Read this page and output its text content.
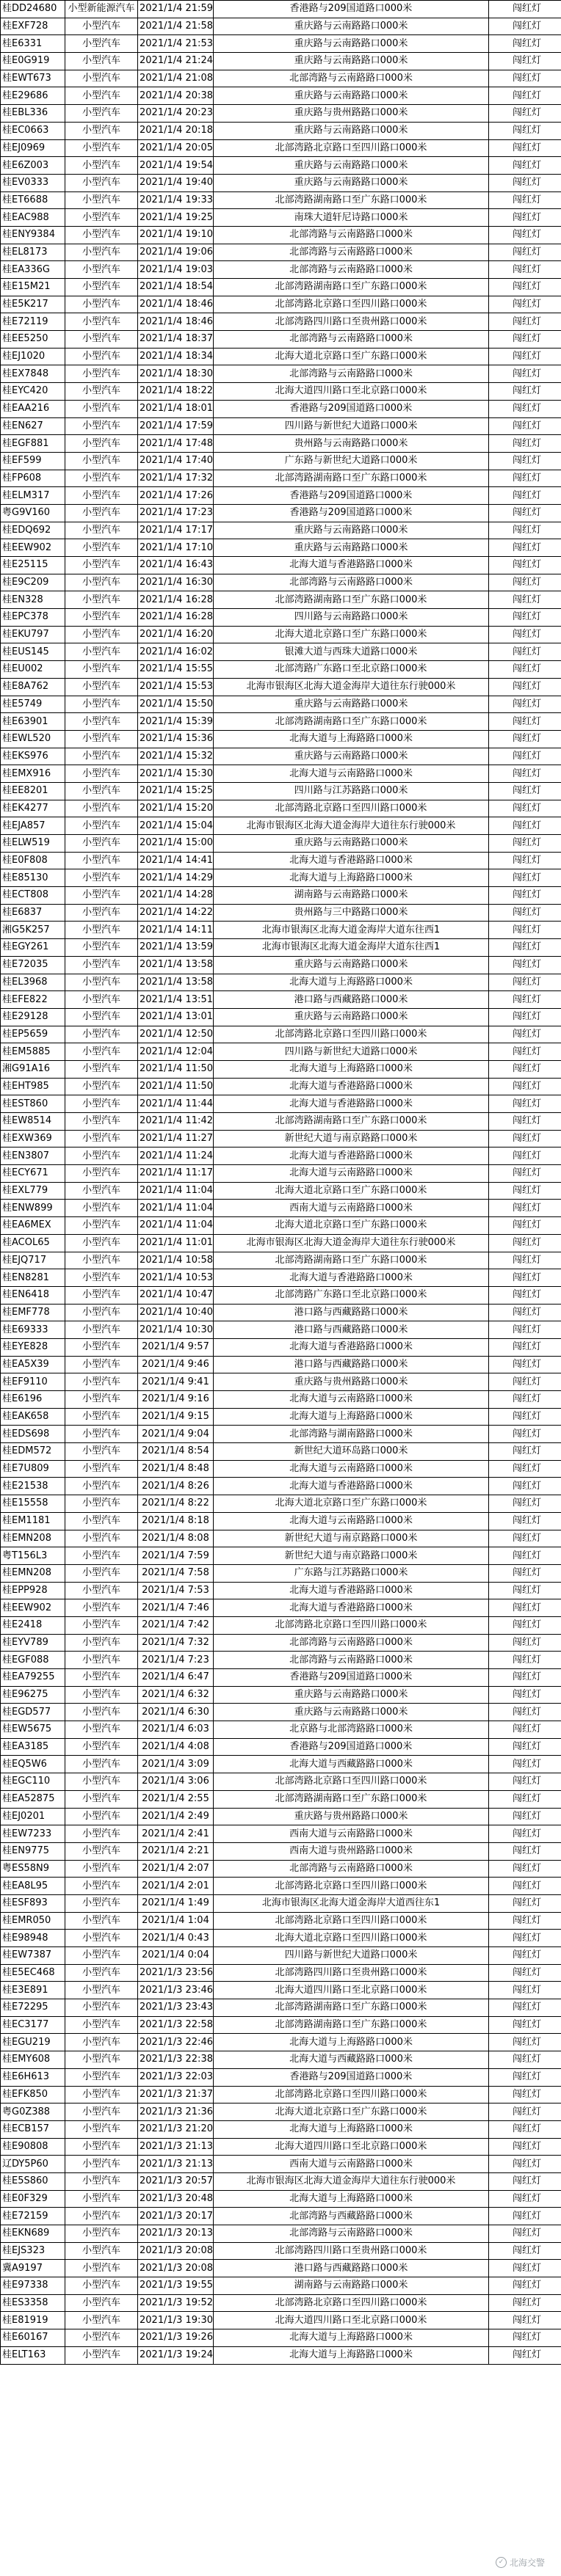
桂DD24680	小型新能源汽车	2021/1/4 21:59	香港路与209国道路口000米	闯红灯
桂EXF728	小型汽车	2021/1/4 21:58	重庆路与云南路路口000米	闯红灯
桂E6331	小型汽车	2021/1/4 21:53	重庆路与云南路路口000米	闯红灯
桂E0G919	小型汽车	2021/1/4 21:24	重庆路与云南路路口000米	闯红灯
桂EWT673	小型汽车	2021/1/4 21:08	北部湾路与云南路路口000米	闯红灯
桂E29686	小型汽车	2021/1/4 20:38	重庆路与云南路路口000米	闯红灯
桂EBL336	小型汽车	2021/1/4 20:23	重庆路与贵州路路口000米	闯红灯
桂EC0663	小型汽车	2021/1/4 20:18	重庆路与云南路路口000米	闯红灯
桂EJ0969	小型汽车	2021/1/4 20:05	北部湾路北京路口至四川路口000米	闯红灯
桂E6Z003	小型汽车	2021/1/4 19:54	重庆路与云南路路口000米	闯红灯
桂EV0333	小型汽车	2021/1/4 19:40	重庆路与云南路路口000米	闯红灯
桂ET6688	小型汽车	2021/1/4 19:33	北部湾路湖南路口至广东路口000米	闯红灯
桂EAC988	小型汽车	2021/1/4 19:25	南珠大道轩尼诗路口000米	闯红灯
桂ENY9384	小型汽车	2021/1/4 19:10	北部湾路与云南路路口000米	闯红灯
桂EL8173	小型汽车	2021/1/4 19:06	北部湾路与云南路路口000米	闯红灯
桂EA336G	小型汽车	2021/1/4 19:03	北部湾路与云南路路口000米	闯红灯
桂E15M21	小型汽车	2021/1/4 18:54	北部湾路湖南路口至广东路口000米	闯红灯
桂E5K217	小型汽车	2021/1/4 18:46	北部湾路北京路口至四川路口000米	闯红灯
桂E72119	小型汽车	2021/1/4 18:46	北部湾路四川路口至贵州路口000米	闯红灯
桂EE5250	小型汽车	2021/1/4 18:37	北部湾路与云南路路口000米	闯红灯
桂EJ1020	小型汽车	2021/1/4 18:34	北海大道北京路口至广东路口000米	闯红灯
桂EX7848	小型汽车	2021/1/4 18:30	北部湾路与云南路路口000米	闯红灯
桂EYC420	小型汽车	2021/1/4 18:22	北海大道四川路口至北京路口000米	闯红灯
桂EAA216	小型汽车	2021/1/4 18:01	香港路与209国道路口000米	闯红灯
桂EN627	小型汽车	2021/1/4 17:59	四川路与新世纪大道路口000米	闯红灯
桂EGF881	小型汽车	2021/1/4 17:48	贵州路与云南路路口000米	闯红灯
桂EF599	小型汽车	2021/1/4 17:40	广东路与新世纪大道路口000米	闯红灯
桂FP608	小型汽车	2021/1/4 17:32	北部湾路湖南路口至广东路口000米	闯红灯
桂ELM317	小型汽车	2021/1/4 17:26	香港路与209国道路口000米	闯红灯
粤G9V160	小型汽车	2021/1/4 17:23	香港路与209国道路口000米	闯红灯
桂EDQ692	小型汽车	2021/1/4 17:17	重庆路与云南路路口000米	闯红灯
桂EEW902	小型汽车	2021/1/4 17:10	重庆路与云南路路口000米	闯红灯
桂E25115	小型汽车	2021/1/4 16:43	北海大道与香港路路口000米	闯红灯
桂E9C209	小型汽车	2021/1/4 16:30	北部湾路与云南路路口000米	闯红灯
桂EN328	小型汽车	2021/1/4 16:28	北部湾路湖南路口至广东路口000米	闯红灯
桂EPC378	小型汽车	2021/1/4 16:28	四川路与云南路路口000米	闯红灯
桂EKU797	小型汽车	2021/1/4 16:20	北海大道北京路口至广东路口000米	闯红灯
桂EUS145	小型汽车	2021/1/4 16:02	银滩大道与西珠大道路口000米	闯红灯
桂EU002	小型汽车	2021/1/4 15:55	北部湾路广东路口至北京路口000米	闯红灯
桂E8A762	小型汽车	2021/1/4 15:53	北海市银海区北海大道金海岸大道往东行驶000米	闯红灯
桂E5749	小型汽车	2021/1/4 15:50	重庆路与云南路路口000米	闯红灯
桂E63901	小型汽车	2021/1/4 15:39	北部湾路湖南路口至广东路口000米	闯红灯
桂EWL520	小型汽车	2021/1/4 15:36	北海大道与上海路路口000米	闯红灯
桂EKS976	小型汽车	2021/1/4 15:32	重庆路与云南路路口000米	闯红灯
桂EMX916	小型汽车	2021/1/4 15:30	北海大道与云南路路口000米	闯红灯
桂EE8201	小型汽车	2021/1/4 15:25	四川路与江苏路路口000米	闯红灯
桂EK4277	小型汽车	2021/1/4 15:20	北部湾路北京路口至四川路口000米	闯红灯
桂EJA857	小型汽车	2021/1/4 15:04	北海市银海区北海大道金海岸大道往东行驶000米	闯红灯
桂ELW519	小型汽车	2021/1/4 15:00	重庆路与云南路路口000米	闯红灯
桂E0F808	小型汽车	2021/1/4 14:41	北海大道与香港路路口000米	闯红灯
桂E85130	小型汽车	2021/1/4 14:29	北海大道与上海路路口000米	闯红灯
桂ECT808	小型汽车	2021/1/4 14:28	湖南路与云南路路口000米	闯红灯
桂E6837	小型汽车	2021/1/4 14:22	贵州路与三中路路口000米	闯红灯
湘G5K257	小型汽车	2021/1/4 14:11	北海市银海区北海大道金海岸大道东往西1	闯红灯
桂EGY261	小型汽车	2021/1/4 13:59	北海市银海区北海大道金海岸大道东往西1	闯红灯
桂E72035	小型汽车	2021/1/4 13:58	重庆路与云南路路口000米	闯红灯
桂EL3968	小型汽车	2021/1/4 13:58	北海大道与上海路路口000米	闯红灯
桂EFE822	小型汽车	2021/1/4 13:51	港口路与西藏路路口000米	闯红灯
桂E29128	小型汽车	2021/1/4 13:01	重庆路与云南路路口000米	闯红灯
桂EP5659	小型汽车	2021/1/4 12:50	北部湾路北京路口至四川路口000米	闯红灯
桂EM5885	小型汽车	2021/1/4 12:04	四川路与新世纪大道路口000米	闯红灯
湘G91A16	小型汽车	2021/1/4 11:50	北海大道与上海路路口000米	闯红灯
桂EHT985	小型汽车	2021/1/4 11:50	北海大道与香港路路口000米	闯红灯
桂EST860	小型汽车	2021/1/4 11:44	北海大道与香港路路口000米	闯红灯
桂EW8514	小型汽车	2021/1/4 11:42	北部湾路湖南路口至广东路口000米	闯红灯
桂EXW369	小型汽车	2021/1/4 11:27	新世纪大道与南京路路口000米	闯红灯
桂EN3807	小型汽车	2021/1/4 11:24	北海大道与香港路路口000米	闯红灯
桂ECY671	小型汽车	2021/1/4 11:17	北海大道与云南路路口000米	闯红灯
桂EXL779	小型汽车	2021/1/4 11:04	北海大道北京路口至广东路口000米	闯红灯
桂ENW899	小型汽车	2021/1/4 11:04	西南大道与云南路路口000米	闯红灯
桂EA6MEX	小型汽车	2021/1/4 11:04	北海大道北京路口至广东路口000米	闯红灯
桂ACOL65	小型汽车	2021/1/4 11:01	北海市银海区北海大道金海岸大道往东行驶000米	闯红灯
桂EJQ717	小型汽车	2021/1/4 10:58	北部湾路湖南路口至广东路口000米	闯红灯
桂EN8281	小型汽车	2021/1/4 10:53	北海大道与香港路路口000米	闯红灯
桂EN6418	小型汽车	2021/1/4 10:47	北部湾路广东路口至北京路口000米	闯红灯
桂EMF778	小型汽车	2021/1/4 10:40	港口路与西藏路路口000米	闯红灯
桂E69333	小型汽车	2021/1/4 10:30	港口路与西藏路路口000米	闯红灯
桂EYE828	小型汽车	2021/1/4 9:57	北海大道与香港路路口000米	闯红灯
桂EA5X39	小型汽车	2021/1/4 9:46	港口路与西藏路路口000米	闯红灯
桂EF9110	小型汽车	2021/1/4 9:41	重庆路与贵州路路口000米	闯红灯
桂E6196	小型汽车	2021/1/4 9:16	北海大道与云南路路口000米	闯红灯
桂EAK658	小型汽车	2021/1/4 9:15	北海大道与上海路路口000米	闯红灯
桂EDS698	小型汽车	2021/1/4 9:04	北部湾路与湖南路路口000米	闯红灯
桂EDM572	小型汽车	2021/1/4 8:54	新世纪大道环岛路口000米	闯红灯
桂E7U809	小型汽车	2021/1/4 8:48	北海大道与云南路路口000米	闯红灯
桂E21538	小型汽车	2021/1/4 8:26	北海大道与香港路路口000米	闯红灯
桂E15558	小型汽车	2021/1/4 8:22	北海大道北京路口至广东路口000米	闯红灯
桂EM1181	小型汽车	2021/1/4 8:18	北海大道与云南路路口000米	闯红灯
桂EMN208	小型汽车	2021/1/4 8:08	新世纪大道与南京路路口000米	闯红灯
粤T156L3	小型汽车	2021/1/4 7:59	新世纪大道与南京路路口000米	闯红灯
桂EMN208	小型汽车	2021/1/4 7:58	广东路与江苏路路口000米	闯红灯
桂EPP928	小型汽车	2021/1/4 7:53	北海大道与香港路路口000米	闯红灯
桂EEW902	小型汽车	2021/1/4 7:46	北海大道与香港路路口000米	闯红灯
桂E2418	小型汽车	2021/1/4 7:42	北部湾路北京路口至四川路口000米	闯红灯
桂EYV789	小型汽车	2021/1/4 7:32	北部湾路与云南路路口000米	闯红灯
桂EGF088	小型汽车	2021/1/4 7:23	北部湾路与云南路路口000米	闯红灯
桂EA79255	小型汽车	2021/1/4 6:47	香港路与209国道路口000米	闯红灯
桂E96275	小型汽车	2021/1/4 6:32	重庆路与云南路路口000米	闯红灯
桂EGD577	小型汽车	2021/1/4 6:30	重庆路与云南路路口000米	闯红灯
桂EW5675	小型汽车	2021/1/4 6:03	北京路与北部湾路路口000米	闯红灯
桂EA3185	小型汽车	2021/1/4 4:08	香港路与209国道路口000米	闯红灯
桂EQ5W6	小型汽车	2021/1/4 3:09	北海大道与西藏路路口000米	闯红灯
桂EGC110	小型汽车	2021/1/4 3:06	北部湾路北京路口至四川路口000米	闯红灯
桂EA52875	小型汽车	2021/1/4 2:55	北部湾路湖南路口至广东路口000米	闯红灯
桂EJ0201	小型汽车	2021/1/4 2:49	重庆路与贵州路路口000米	闯红灯
桂EW7233	小型汽车	2021/1/4 2:41	西南大道与云南路路口000米	闯红灯
桂EN9775	小型汽车	2021/1/4 2:21	西南大道与贵州路路口000米	闯红灯
粤ES58N9	小型汽车	2021/1/4 2:07	北部湾路与云南路路口000米	闯红灯
桂EA8L95	小型汽车	2021/1/4 2:01	北部湾路北京路口至四川路口000米	闯红灯
桂ESF893	小型汽车	2021/1/4 1:49	北海市银海区北海大道金海岸大道西往东1	闯红灯
桂EMR050	小型汽车	2021/1/4 1:04	北部湾路北京路口至四川路口000米	闯红灯
桂E98948	小型汽车	2021/1/4 0:43	北海大道北京路口至四川路口000米	闯红灯
桂EW7387	小型汽车	2021/1/4 0:04	四川路与新世纪大道路口000米	闯红灯
桂E5EC468	小型汽车	2021/1/3 23:56	北部湾路四川路口至贵州路口000米	闯红灯
桂E3E891	小型汽车	2021/1/3 23:46	北海大道四川路口至北京路口000米	闯红灯
桂E72295	小型汽车	2021/1/3 23:43	北部湾路湖南路口至广东路口000米	闯红灯
桂EC3177	小型汽车	2021/1/3 22:58	北部湾路湖南路口至广东路口000米	闯红灯
桂EGU219	小型汽车	2021/1/3 22:46	北海大道与上海路路口000米	闯红灯
桂EMY608	小型汽车	2021/1/3 22:38	北海大道与西藏路路口000米	闯红灯
桂E6H613	小型汽车	2021/1/3 22:03	香港路与209国道路口000米	闯红灯
桂EFK850	小型汽车	2021/1/3 21:37	北部湾路北京路口至四川路口000米	闯红灯
粤G0Z388	小型汽车	2021/1/3 21:36	北海大道北京路口至广东路口000米	闯红灯
桂ECB157	小型汽车	2021/1/3 21:20	北海大道与上海路路口000米	闯红灯
桂E90808	小型汽车	2021/1/3 21:13	北海大道四川路口至北京路口000米	闯红灯
辽DY5P60	小型汽车	2021/1/3 21:13	西南大道与云南路路口000米	闯红灯
桂E5S860	小型汽车	2021/1/3 20:57	北海市银海区北海大道金海岸大道往东行驶000米	闯红灯
桂E0F329	小型汽车	2021/1/3 20:48	北海大道与上海路路口000米	闯红灯
桂E72159	小型汽车	2021/1/3 20:17	北部湾路与西藏路路口000米	闯红灯
桂EKN689	小型汽车	2021/1/3 20:13	北部湾路与云南路路口000米	闯红灯
桂EJS323	小型汽车	2021/1/3 20:08	北部湾路四川路口至贵州路口000米	闯红灯
冀A9197	小型汽车	2021/1/3 20:08	港口路与西藏路路口000米	闯红灯
桂E97338	小型汽车	2021/1/3 19:55	湖南路与云南路路口000米	闯红灯
桂ES3358	小型汽车	2021/1/3 19:52	北部湾路北京路口至四川路口000米	闯红灯
桂E81919	小型汽车	2021/1/3 19:30	北海大道四川路口至北京路口000米	闯红灯
桂E60167	小型汽车	2021/1/3 19:26	北海大道与上海路路口000米	闯红灯
桂ELT163	小型汽车	2021/1/3 19:24	北海大道与上海路路口000米	闯红灯
✓ 北海交警
